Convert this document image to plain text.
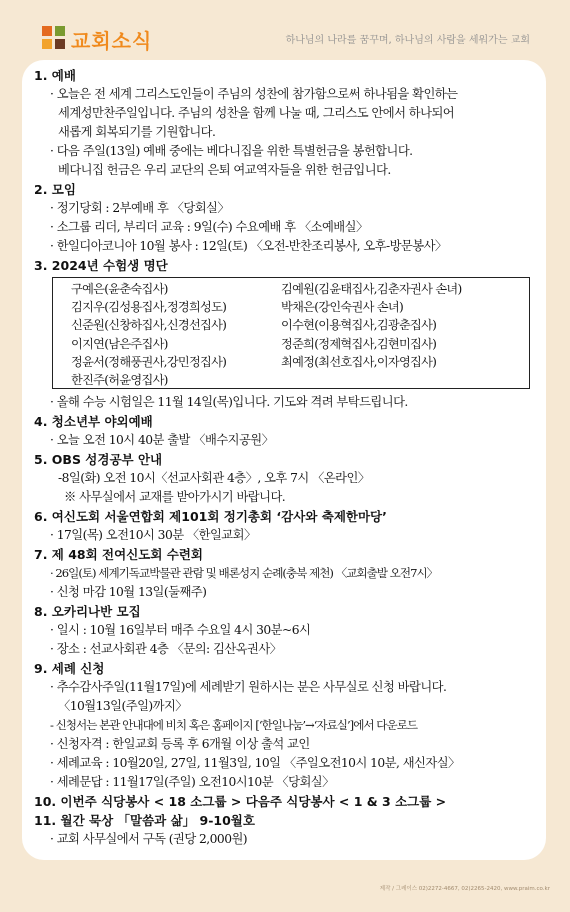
교회소식	하나님의 나라를 꿈꾸며, 하나님의 사람을 세워가는 교회
1. 예배
· 오늘은 전 세계 그리스도인들이 주님의 성찬에 참가함으로써 하나됨을 확인하는
세계성만찬주일입니다. 주님의 성찬을 함께 나눌 때, 그리스도 안에서 하나되어
새롭게 회복되기를 기원합니다.
· 다음 주일(13일) 예배 중에는 베다니집을 위한 특별헌금을 봉헌합니다.
베다니집 헌금은 우리 교단의 은퇴 여교역자들을 위한 헌금입니다.
2. 모임
· 정기당회 : 2부예배 후 〈당회실〉
· 소그룹 리더, 부리더 교육 : 9일(수) 수요예배 후 〈소예배실〉
· 한일디아코니아 10월 봉사 : 12일(토) 〈오전-반찬조리봉사, 오후-방문봉사〉
3. 2024년 수험생 명단
구예은(윤춘숙집사)	김예원(김윤태집사,김춘자권사 손녀)
김지우(김성용집사,정경희성도)	박채은(강인숙권사 손녀)
신준원(신창하집사,신경선집사)	이수현(이용혁집사,김광춘집사)
이지연(남은주집사)	정준희(정제혁집사,김현미집사)
정윤서(정해풍권사,강민정집사)	최예정(최선호집사,이자영집사)
한진주(허윤영집사)
· 올해 수능 시험일은 11월 14일(목)입니다. 기도와 격려 부탁드립니다.
4. 청소년부 야외예배
· 오늘 오전 10시 40분 출발 〈배수지공원〉
5. OBS 성경공부 안내
-8일(화) 오전 10시〈선교사회관 4층〉, 오후 7시 〈온라인〉
※ 사무실에서 교재를 받아가시기 바랍니다.
6. 여신도회 서울연합회 제101회 정기총회 ‘감사와 축제한마당’
· 17일(목) 오전10시 30분 〈한일교회〉
7. 제 48회 전여신도회 수련회
· 26일(토) 세계기독교박물관 관람 및 배론성지 순례(충북 제천) 〈교회출발 오전7시〉
· 신청 마감 10월 13일(둘째주)
8. 오카리나반 모집
· 일시 : 10월 16일부터 매주 수요일 4시 30분~6시
· 장소 : 선교사회관 4층 〈문의: 김산옥권사〉
9. 세례 신청
· 추수감사주일(11월17일)에 세례받기 원하시는 분은 사무실로 신청 바랍니다.
〈10월13일(주일)까지〉
- 신청서는 본관 안내대에 비치 혹은 홈페이지 [‘한일나눔’→‘자료실’]에서 다운로드
· 신청자격 : 한일교회 등록 후 6개월 이상 출석 교인
· 세례교육 : 10월20일, 27일, 11월3일, 10일 〈주일오전10시 10분, 새신자실〉
· 세례문답 : 11월17일(주일) 오전10시10분 〈당회실〉
10. 이번주 식당봉사 < 18 소그룹 > 다음주 식당봉사 < 1 & 3 소그룹 >
11. 월간 묵상 「말씀과 삶」 9-10월호
· 교회 사무실에서 구독 (권당 2,000원)
제작 / 그레이스 02)2272-4667, 02)2265-2420, www.praim.co.kr
